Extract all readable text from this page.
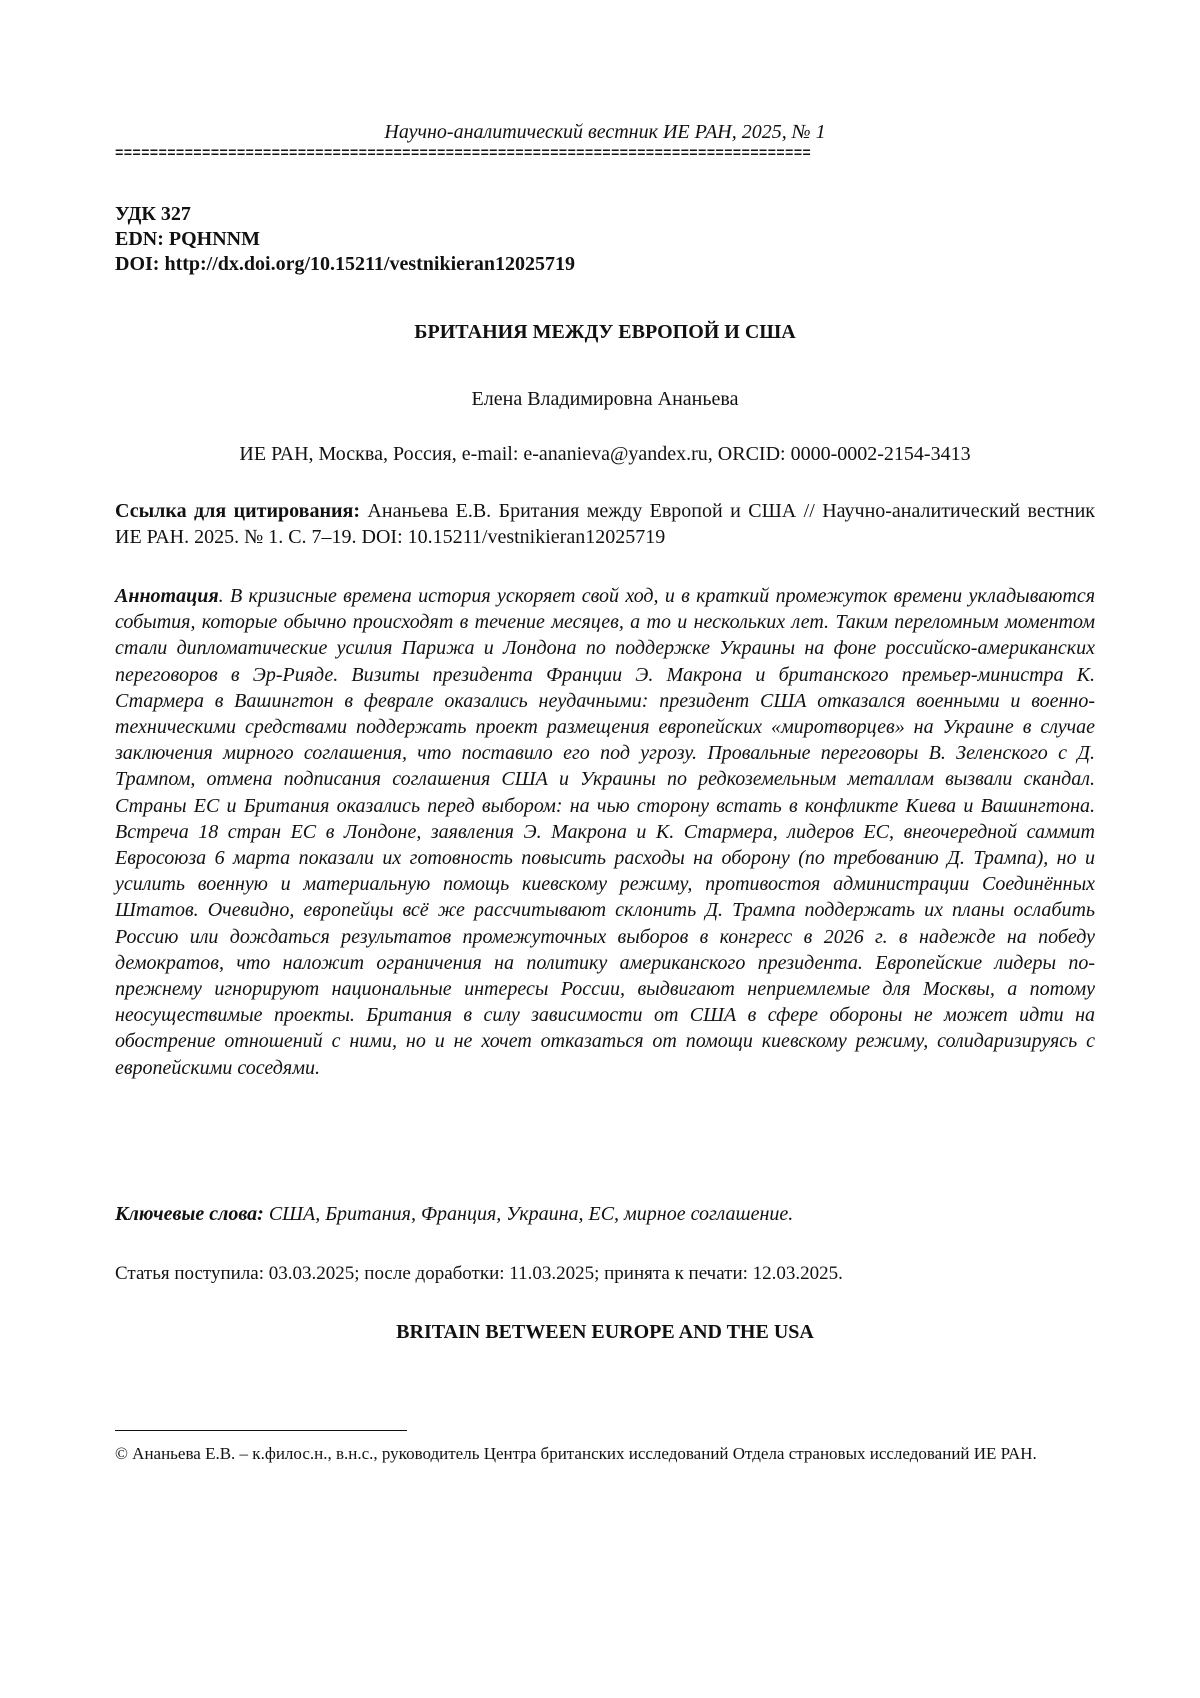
Научно-аналитический вестник ИЕ РАН, 2025, № 1
================================================================================
УДК 327
EDN: PQHNNM
DOI: http://dx.doi.org/10.15211/vestnikieran12025719
БРИТАНИЯ МЕЖДУ ЕВРОПОЙ И США
Елена Владимировна Ананьева
ИЕ РАН, Москва, Россия, e-mail: e-ananieva@yandex.ru, ORCID: 0000-0002-2154-3413
Ссылка для цитирования: Ананьева Е.В. Британия между Европой и США // Научно-аналитический вестник ИЕ РАН. 2025. № 1. С. 7–19. DOI: 10.15211/vestnikieran12025719
Аннотация. В кризисные времена история ускоряет свой ход, и в краткий промежуток времени укладываются события, которые обычно происходят в течение месяцев, а то и нескольких лет. Таким переломным моментом стали дипломатические усилия Парижа и Лондона по поддержке Украины на фоне российско-американских переговоров в Эр-Рияде. Визиты президента Франции Э. Макрона и британского премьер-министра К. Стармера в Вашингтон в феврале оказались неудачными: президент США отказался военными и военно-техническими средствами поддержать проект размещения европейских «миротворцев» на Украине в случае заключения мирного соглашения, что поставило его под угрозу. Провальные переговоры В. Зеленского с Д. Трампом, отмена подписания соглашения США и Украины по редкоземельным металлам вызвали скандал. Страны ЕС и Британия оказались перед выбором: на чью сторону встать в конфликте Киева и Вашингтона. Встреча 18 стран ЕС в Лондоне, заявления Э. Макрона и К. Стармера, лидеров ЕС, внеочередной саммит Евросоюза 6 марта показали их готовность повысить расходы на оборону (по требованию Д. Трампа), но и усилить военную и материальную помощь киевскому режиму, противостоя администрации Соединённых Штатов. Очевидно, европейцы всё же рассчитывают склонить Д. Трампа поддержать их планы ослабить Россию или дождаться результатов промежуточных выборов в конгресс в 2026 г. в надежде на победу демократов, что наложит ограничения на политику американского президента. Европейские лидеры по-прежнему игнорируют национальные интересы России, выдвигают неприемлемые для Москвы, а потому неосуществимые проекты. Британия в силу зависимости от США в сфере обороны не может идти на обострение отношений с ними, но и не хочет отказаться от помощи киевскому режиму, солидаризируясь с европейскими соседями.
Ключевые слова: США, Британия, Франция, Украина, ЕС, мирное соглашение.
Статья поступила: 03.03.2025; после доработки: 11.03.2025; принята к печати: 12.03.2025.
BRITAIN BETWEEN EUROPE AND THE USA
© Ананьева Е.В. – к.филос.н., в.н.с., руководитель Центра британских исследований Отдела страновых исследований ИЕ РАН.
